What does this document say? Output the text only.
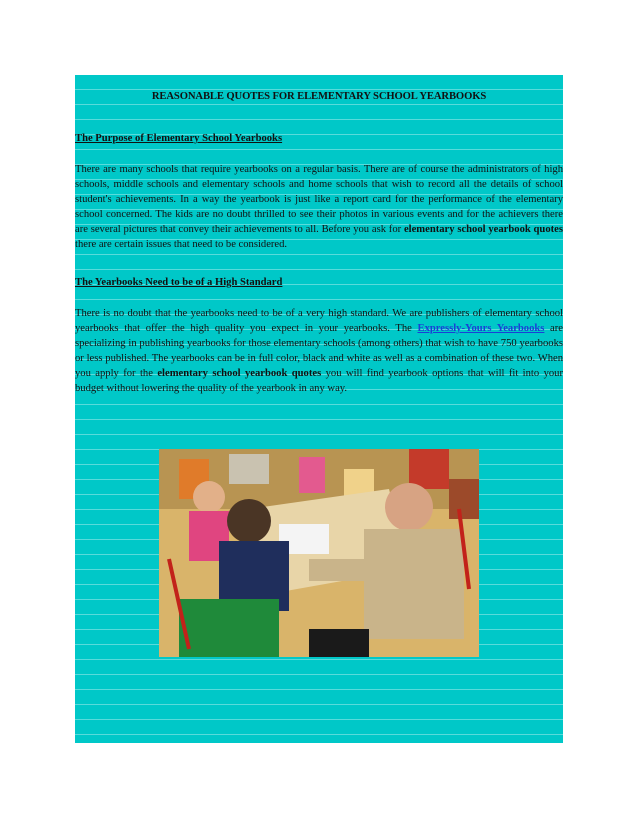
REASONABLE QUOTES FOR ELEMENTARY SCHOOL YEARBOOKS
The Purpose of Elementary School Yearbooks
There are many schools that require yearbooks on a regular basis. There are of course the administrators of high schools, middle schools and elementary schools and home schools that wish to record all the details of school student's achievements. In a way the yearbook is just like a report card for the performance of the elementary school concerned. The kids are no doubt thrilled to see their photos in various events and for the achievers there are several pictures that convey their achievements to all. Before you ask for elementary school yearbook quotes there are certain issues that need to be considered.
The Yearbooks Need to be of a High Standard
There is no doubt that the yearbooks need to be of a very high standard. We are publishers of elementary school yearbooks that offer the high quality you expect in your yearbooks. The Expressly-Yours Yearbooks are specializing in publishing yearbooks for those elementary schools (among others) that wish to have 750 yearbooks or less published. The yearbooks can be in full color, black and white as well as a combination of these two. When you apply for the elementary school yearbook quotes you will find yearbook options that will fit into your budget without lowering the quality of the yearbook in any way.
